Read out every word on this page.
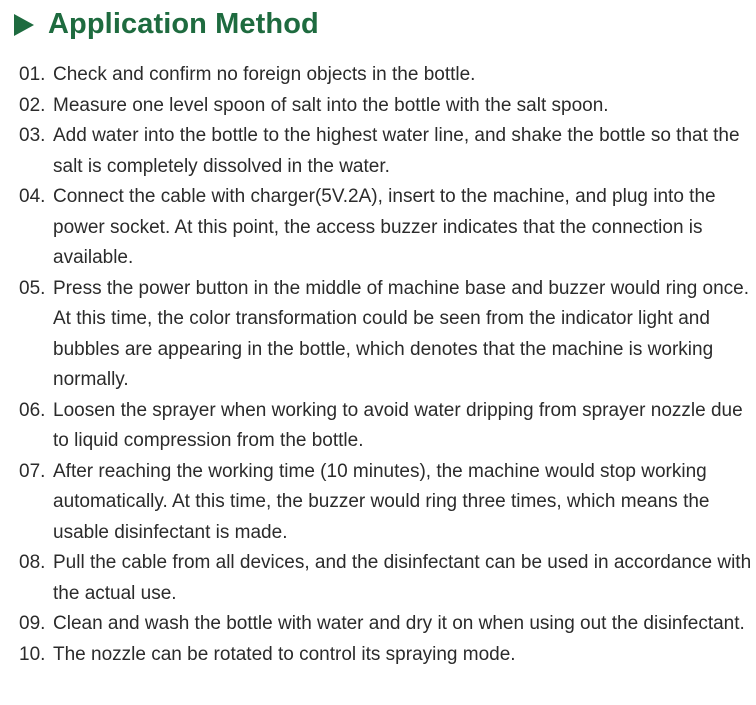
Application Method
01. Check and confirm no foreign objects in the bottle.
02. Measure one level spoon of salt into the bottle with the salt spoon.
03. Add water into the bottle to the highest water line, and shake the bottle so that the salt is completely dissolved in the water.
04. Connect the cable with charger(5V.2A), insert to the machine, and plug into the power socket. At this point, the access buzzer indicates that the connection is available.
05. Press the power button in the middle of machine base and buzzer would ring once. At this time, the color transformation could be seen from the indicator light and bubbles are appearing in the bottle, which denotes that the machine is working normally.
06. Loosen the sprayer when working to avoid water dripping from sprayer nozzle due to liquid compression from the bottle.
07. After reaching the working time (10 minutes), the machine would stop working automatically. At this time, the buzzer would ring three times, which means the usable disinfectant is made.
08. Pull the cable from all devices, and the disinfectant can be used in accordance with the actual use.
09. Clean and wash the bottle with water and dry it on when using out the disinfectant.
10. The nozzle can be rotated to control its spraying mode.
